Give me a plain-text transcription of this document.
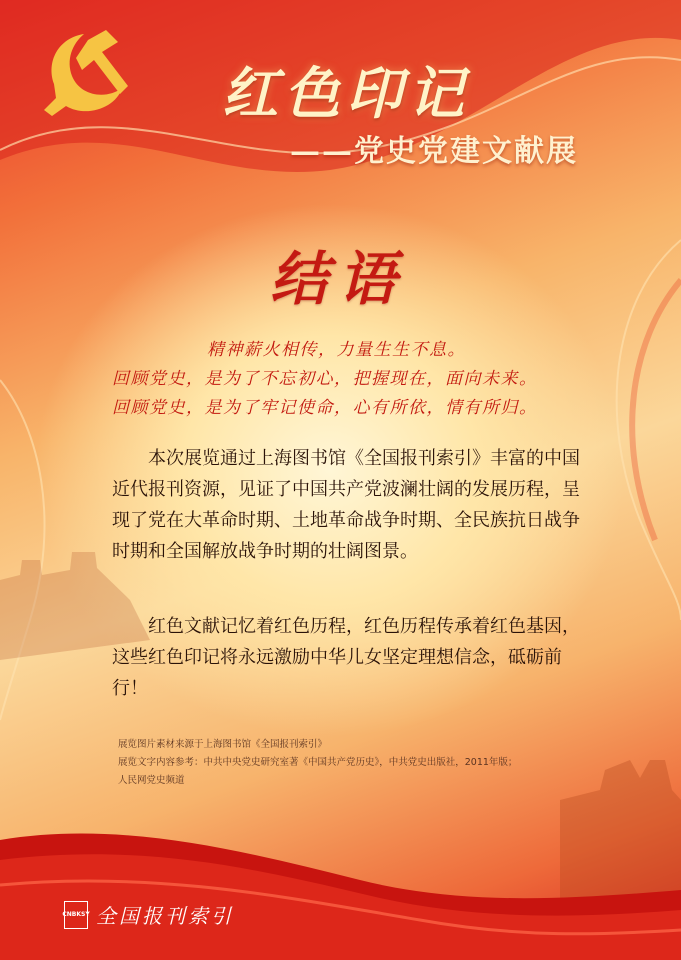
红色印记
——党史党建文献展
结语
精神薪火相传，力量生生不息。
回顾党史，是为了不忘初心，把握现在，面向未来。
回顾党史，是为了牢记使命，心有所依，情有所归。

本次展览通过上海图书馆《全国报刊索引》丰富的中国近代报刊资源，见证了中国共产党波澜壮阔的发展历程，呈现了党在大革命时期、土地革命战争时期、全民族抗日战争时期和全国解放战争时期的壮阔图景。

红色文献记忆着红色历程，红色历程传承着红色基因，这些红色印记将永远激励中华儿女坚定理想信念，砥砺前行！

展览图片素材来源于上海图书馆《全国报刊索引》
展览文字内容参考：中共中央党史研究室著《中国共产党历史》，中共党史出版社，2011年版；
人民网党史频道
CNBKSY 全国报刊索引
